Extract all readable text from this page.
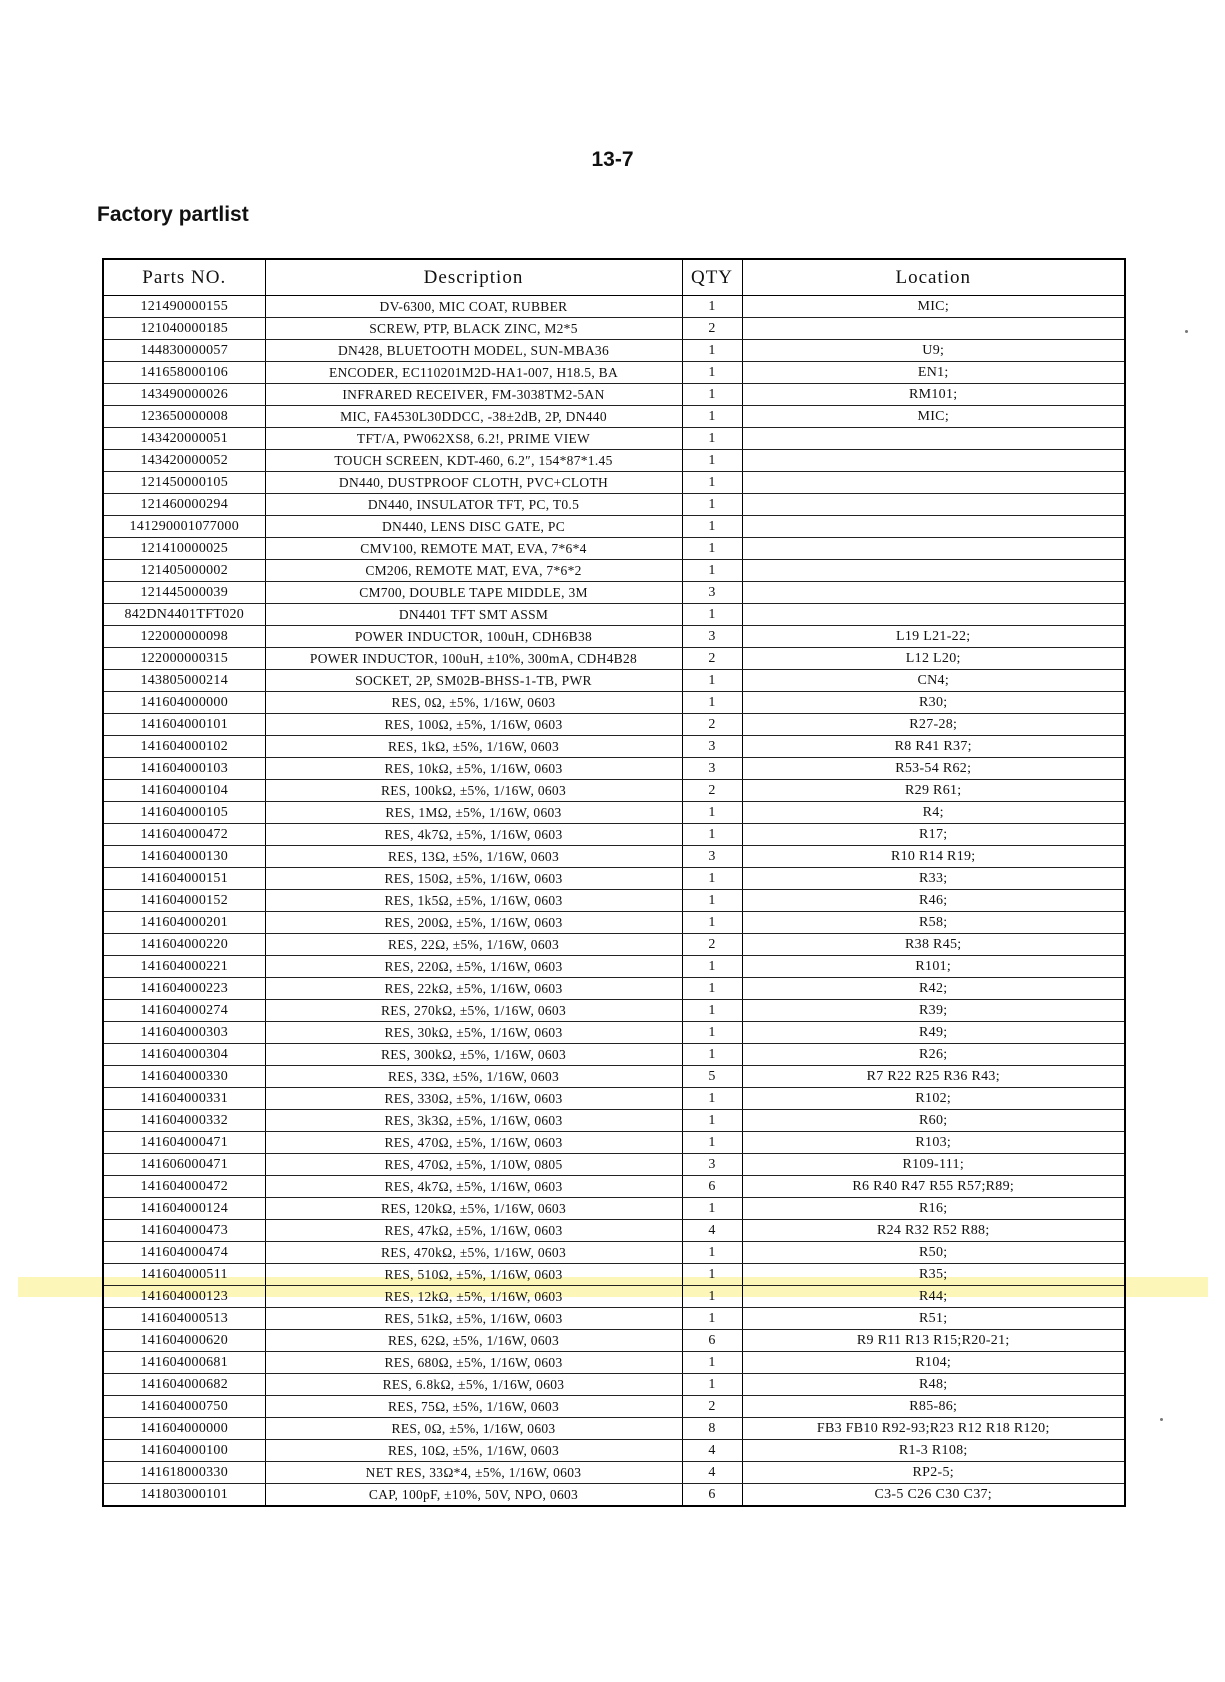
13-7
Factory partlist
Parts NO.	Description	QTY	Location
121490000155	DV-6300, MIC COAT, RUBBER	1	MIC;
121040000185	SCREW, PTP, BLACK ZINC, M2*5	2	
144830000057	DN428, BLUETOOTH MODEL, SUN-MBA36	1	U9;
141658000106	ENCODER, EC110201M2D-HA1-007, H18.5, BA	1	EN1;
143490000026	INFRARED RECEIVER, FM-3038TM2-5AN	1	RM101;
123650000008	MIC, FA4530L30DDCC, -38±2dB, 2P, DN440	1	MIC;
143420000051	TFT/A, PW062XS8, 6.2!, PRIME VIEW	1	
143420000052	TOUCH SCREEN, KDT-460, 6.2″, 154*87*1.45	1	
121450000105	DN440, DUSTPROOF CLOTH, PVC+CLOTH	1	
121460000294	DN440, INSULATOR TFT, PC, T0.5	1	
141290001077000	DN440, LENS DISC GATE, PC	1	
121410000025	CMV100, REMOTE MAT, EVA, 7*6*4	1	
121405000002	CM206, REMOTE MAT, EVA, 7*6*2	1	
121445000039	CM700, DOUBLE TAPE MIDDLE, 3M	3	
842DN4401TFT020	DN4401 TFT SMT ASSM	1	
122000000098	POWER INDUCTOR, 100uH, CDH6B38	3	L19 L21-22;
122000000315	POWER INDUCTOR, 100uH, ±10%, 300mA, CDH4B28	2	L12 L20;
143805000214	SOCKET, 2P, SM02B-BHSS-1-TB, PWR	1	CN4;
141604000000	RES, 0Ω, ±5%, 1/16W, 0603	1	R30;
141604000101	RES, 100Ω, ±5%, 1/16W, 0603	2	R27-28;
141604000102	RES, 1kΩ, ±5%, 1/16W, 0603	3	R8 R41 R37;
141604000103	RES, 10kΩ, ±5%, 1/16W, 0603	3	R53-54 R62;
141604000104	RES, 100kΩ, ±5%, 1/16W, 0603	2	R29 R61;
141604000105	RES, 1MΩ, ±5%, 1/16W, 0603	1	R4;
141604000472	RES, 4k7Ω, ±5%, 1/16W, 0603	1	R17;
141604000130	RES, 13Ω, ±5%, 1/16W, 0603	3	R10 R14 R19;
141604000151	RES, 150Ω, ±5%, 1/16W, 0603	1	R33;
141604000152	RES, 1k5Ω, ±5%, 1/16W, 0603	1	R46;
141604000201	RES, 200Ω, ±5%, 1/16W, 0603	1	R58;
141604000220	RES, 22Ω, ±5%, 1/16W, 0603	2	R38 R45;
141604000221	RES, 220Ω, ±5%, 1/16W, 0603	1	R101;
141604000223	RES, 22kΩ, ±5%, 1/16W, 0603	1	R42;
141604000274	RES, 270kΩ, ±5%, 1/16W, 0603	1	R39;
141604000303	RES, 30kΩ, ±5%, 1/16W, 0603	1	R49;
141604000304	RES, 300kΩ, ±5%, 1/16W, 0603	1	R26;
141604000330	RES, 33Ω, ±5%, 1/16W, 0603	5	R7 R22 R25 R36 R43;
141604000331	RES, 330Ω, ±5%, 1/16W, 0603	1	R102;
141604000332	RES, 3k3Ω, ±5%, 1/16W, 0603	1	R60;
141604000471	RES, 470Ω, ±5%, 1/16W, 0603	1	R103;
141606000471	RES, 470Ω, ±5%, 1/10W, 0805	3	R109-111;
141604000472	RES, 4k7Ω, ±5%, 1/16W, 0603	6	R6 R40 R47 R55 R57;R89;
141604000124	RES, 120kΩ, ±5%, 1/16W, 0603	1	R16;
141604000473	RES, 47kΩ, ±5%, 1/16W, 0603	4	R24 R32 R52 R88;
141604000474	RES, 470kΩ, ±5%, 1/16W, 0603	1	R50;
141604000511	RES, 510Ω, ±5%, 1/16W, 0603	1	R35;
141604000123	RES, 12kΩ, ±5%, 1/16W, 0603	1	R44;
141604000513	RES, 51kΩ, ±5%, 1/16W, 0603	1	R51;
141604000620	RES, 62Ω, ±5%, 1/16W, 0603	6	R9 R11 R13 R15;R20-21;
141604000681	RES, 680Ω, ±5%, 1/16W, 0603	1	R104;
141604000682	RES, 6.8kΩ, ±5%, 1/16W, 0603	1	R48;
141604000750	RES, 75Ω, ±5%, 1/16W, 0603	2	R85-86;
141604000000	RES, 0Ω, ±5%, 1/16W, 0603	8	FB3 FB10 R92-93;R23 R12 R18 R120;
141604000100	RES, 10Ω, ±5%, 1/16W, 0603	4	R1-3 R108;
141618000330	NET RES, 33Ω*4, ±5%, 1/16W, 0603	4	RP2-5;
141803000101	CAP, 100pF, ±10%, 50V, NPO, 0603	6	C3-5 C26 C30 C37;
